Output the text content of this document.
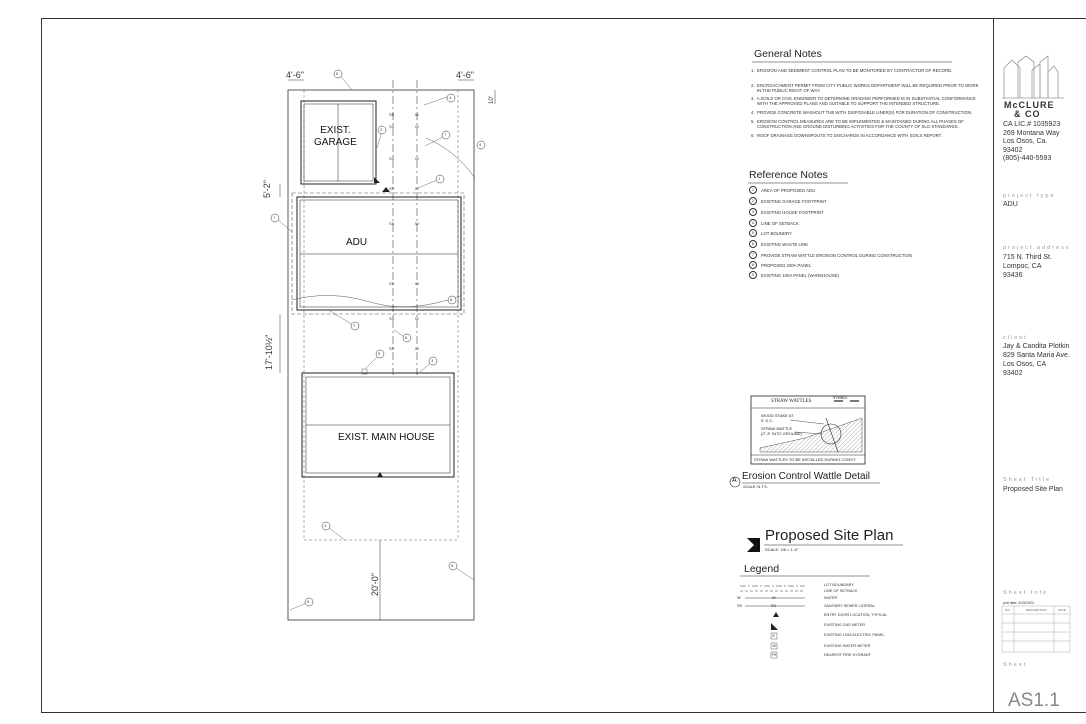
SS
SS
SS
SS
SS
SS
SS
W
W
W
W
W
W
W
EXIST.
GARAGE
ADU
EXIST. MAIN HOUSE
4'-6"	4'-6"
5'-2"
17'-10½"
20'-0"
10'
5
4
2
7
4
1
7
8
7
6
9
3
4
5
5
SS	W
General Notes
1.  EROSION AND SEDIMENT CONTROL PLAN TO BE MONITORED BY CONTRACTOR OF RECORD.
2.  ENCROACHMENT PERMIT FROM CITY PUBLIC WORKS DEPARTMENT WILL BE REQUIRED PRIOR TO WORK
IN THE PUBLIC RIGHT OF WAY.
3.  A SOILS OR CIVIL ENGINEER TO DETERMINE GRADING PERFORMED IS IN SUBSTANTIAL CONFORMANCE
WITH THE APPROVED PLANS AND SUITABLE TO SUPPORT THE INTENDED STRUCTURE.
4.  PROVIDE CONCRETE WASHOUT TUB WITH DISPOSABLE LINER(S) FOR DURATION OF CONSTRUCTION.
5.  EROSION CONTROL MEASURES ARE TO BE IMPLEMENTED & MAINTAINED DURING ALL PHASES OF
CONSTRUCTION AND GROUND DISTURBING ACTIVITIES FOR THE COUNTY OF SLO STANDARDS.
6.  ROOF DRAINAGE DOWNSPOUTS TO DISCHARGE IN ACCORDANCE WITH SOILS REPORT.
Reference Notes
1	AREA OF PROPOSED ADU
2	EXISTING GARAGE FOOTPRINT
3	EXISTING HOUSE FOOTPRINT
4	LINE OF SETBACK
5	LOT BOUNDRY
6	EXISTING WASTE LINE
7	PROVIDE STRAW WATTLE EROSION CONTROL DURING CONSTRUCTION
8	PROPOSED 200A PANEL
9	EXISTING 100A PANEL (WAREHOUSE)
STRAW WATTLES
SYMBOL
WOOD STAKE AT
5' O.C.
STRAW WATTLE
(2"-3" INTO GROUND)
STRAW WATTLES TO BE INSTALLED DURING CONST.
A Erosion Control Wattle Detail
SCALE: N.T.S.
Proposed Site Plan
SCALE: 1/8 = 1'-0"
Legend
LOT BOUNDARY
LINE OF SETBACK
W	W	WATER
SS	SS	SANITARY SEWER LATERAL
ENTRY DOOR LOCATION, TYPICAL
EXISTING GAS METER
E	EXISTING 100A ELECTRIC PANEL
W	EXISTING WATER METER
FH	NEAREST FIRE HYDRANT
McCLURE
& CO
CA LIC.# 1035923
269 Montana Way
Los Osos, Ca.
93402
(805)-440-5593
project type
ADU
project address
715 N. Third St.
Lompoc, CA
93436
client
Jay & Candita Plotkin
829 Santa Maria Ave.
Los Osos, CA
93402
Sheet Title
Proposed Site Plan
Sheet Info
plot date: 4/15/2024
NO.	DESCRIPTION	DATE
Sheet
AS1.1
